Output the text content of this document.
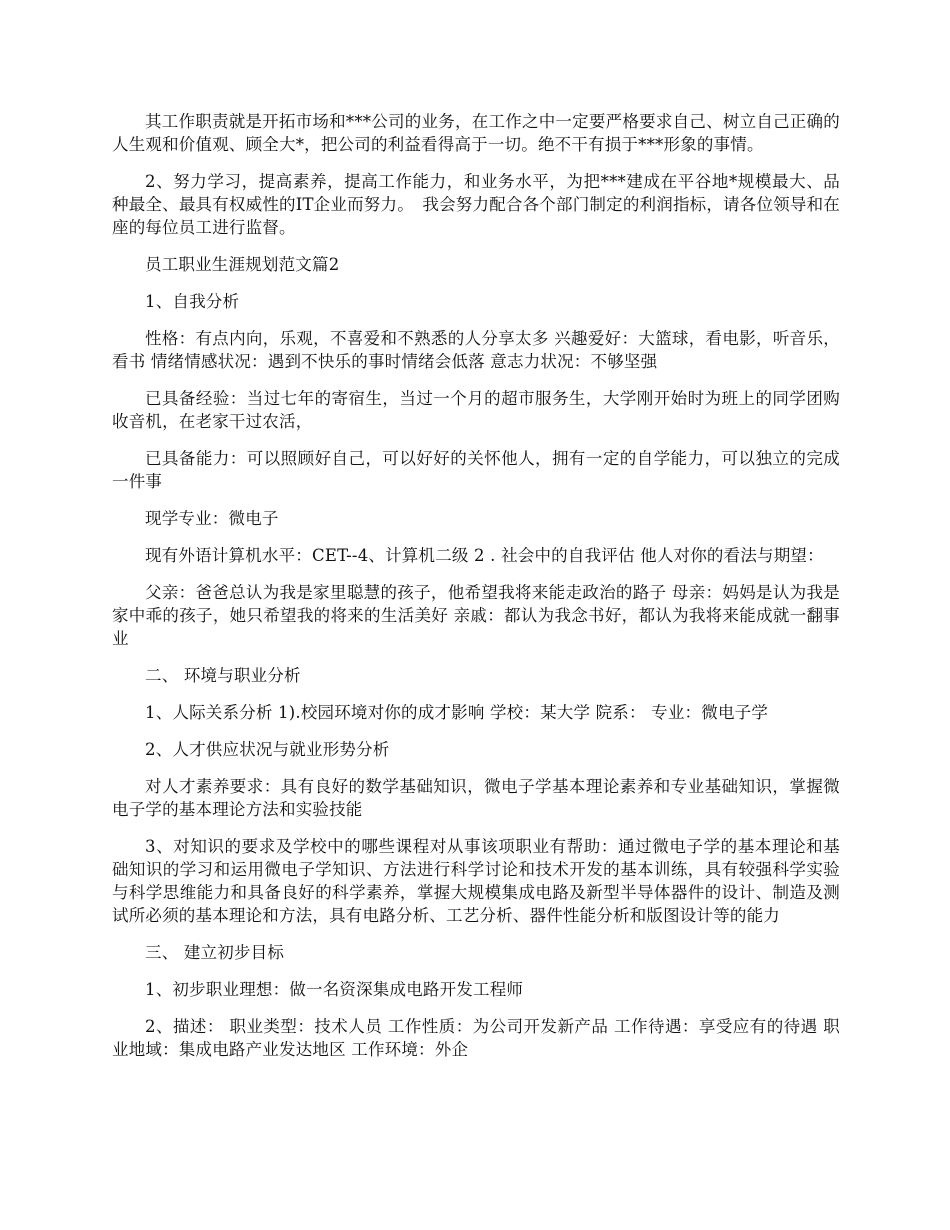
其工作职责就是开拓市场和***公司的业务，在工作之中一定要严格要求自己、树立自己正确的人生观和价值观、顾全大*，把公司的利益看得高于一切。绝不干有损于***形象的事情。

2、努力学习，提高素养，提高工作能力，和业务水平，为把***建成在平谷地*规模最大、品种最全、最具有权威性的IT企业而努力。　我会努力配合各个部门制定的利润指标，请各位领导和在座的每位员工进行监督。

员工职业生涯规划范文篇2

1、自我分析

性格：有点内向，乐观，不喜爱和不熟悉的人分享太多 兴趣爱好：大篮球，看电影，听音乐，看书 情绪情感状况：遇到不快乐的事时情绪会低落 意志力状况：不够坚强

已具备经验：当过七年的寄宿生，当过一个月的超市服务生，大学刚开始时为班上的同学团购收音机，在老家干过农活，

已具备能力：可以照顾好自己，可以好好的关怀他人，拥有一定的自学能力，可以独立的完成一件事

现学专业：微电子

现有外语计算机水平：CET--4、计算机二级 2 . 社会中的自我评估 他人对你的看法与期望：

父亲：爸爸总认为我是家里聪慧的孩子，他希望我将来能走政治的路子 母亲：妈妈是认为我是家中乖的孩子，她只希望我的将来的生活美好 亲戚：都认为我念书好，都认为我将来能成就一翻事业

二、 环境与职业分析

1、人际关系分析 1).校园环境对你的成才影响 学校：某大学 院系： 专业：微电子学

2、人才供应状况与就业形势分析

对人才素养要求：具有良好的数学基础知识，微电子学基本理论素养和专业基础知识，掌握微电子学的基本理论方法和实验技能

3、对知识的要求及学校中的哪些课程对从事该项职业有帮助：通过微电子学的基本理论和基础知识的学习和运用微电子学知识、方法进行科学讨论和技术开发的基本训练，具有较强科学实验与科学思维能力和具备良好的科学素养，掌握大规模集成电路及新型半导体器件的设计、制造及测试所必须的基本理论和方法，具有电路分析、工艺分析、器件性能分析和版图设计等的能力

三、 建立初步目标

1、初步职业理想：做一名资深集成电路开发工程师

2、描述： 职业类型：技术人员 工作性质：为公司开发新产品 工作待遇：享受应有的待遇 职业地域：集成电路产业发达地区 工作环境：外企
